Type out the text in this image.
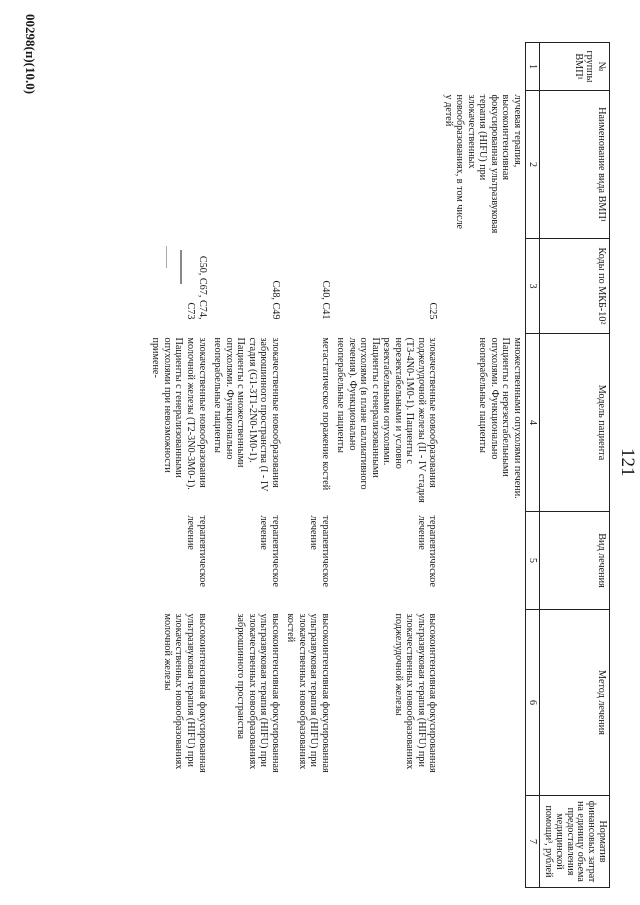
121
№ группы ВМП¹	Наименование вида ВМП¹	Коды по МКБ-10²	Модель пациента	Вид лечения	Метод лечения	Норматив финансовых затрат на единицу объема предоставления медицинской помощи³, рублей
1	2	3	4	5	6	7
	лучевая терапия, высокоинтенсивная фокусированная ультразвуковая терапия (HIFU) при злокачественных новообразованиях, в том числе у детей		множественными опухолями печени. Пациенты с нерезектабельными опухолями. Функционально неоперабельные пациенты			
		C25	злокачественные новообразования поджелудочной железы (II - IV стадия (T3-4N0-1M0-1). Пациенты с нерезектабельными и условно резектабельными опухолями. Пациенты с генерализованными опухолями (в плане паллиативного лечения). Функционально неоперабельные пациенты	терапевтическое лечение	высокоинтенсивная фокусированная ультразвуковая терапия (HIFU) при злокачественных новообразованиях поджелудочной железы	
		C40, C41	метастатическое поражение костей	терапевтическое лечение	высокоинтенсивная фокусированная ультразвуковая терапия (HIFU) при злокачественных новообразованиях костей	
		C48, C49	злокачественные новообразования забрюшинного пространства (I - IV стадия (G1-3T1-2N0-1M0-1). Пациенты с множественными опухолями. Функционально неоперабельные пациенты	терапевтическое лечение	высокоинтенсивная фокусированная ультразвуковая терапия (HIFU) при злокачественных новообразованиях забрюшинного пространства	
		C50, C67, C74, C73	злокачественные новообразования молочной железы (T2-3N0-3M0-1). Пациенты с генерализованными опухолями при невозможности примене-	терапевтическое лечение	высокоинтенсивная фокусированная ультразвуковая терапия (HIFU) при злокачественных новообразованиях молочной железы	
00298(п)(10.0)
